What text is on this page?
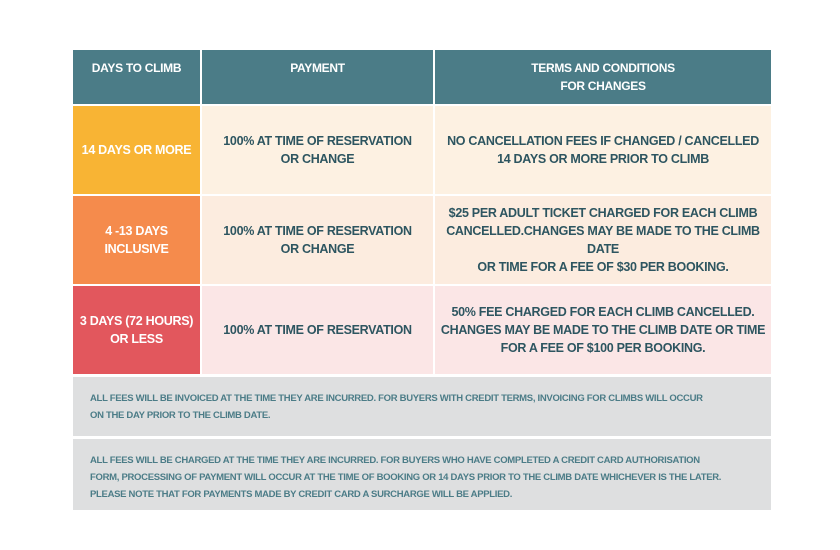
DAYS TO CLIMB	PAYMENT	TERMS AND CONDITIONS
FOR CHANGES
14 DAYS OR MORE
100% AT TIME OF RESERVATION
OR CHANGE
NO CANCELLATION FEES IF CHANGED / CANCELLED
14 DAYS OR MORE PRIOR TO CLIMB
4 -13 DAYS
INCLUSIVE
100% AT TIME OF RESERVATION
OR CHANGE
$25 PER ADULT TICKET CHARGED FOR EACH CLIMB
CANCELLED.CHANGES MAY BE MADE TO THE CLIMB DATE
OR TIME FOR A FEE OF $30 PER BOOKING.
3 DAYS (72 HOURS)
OR LESS
100% AT TIME OF RESERVATION
50% FEE CHARGED FOR EACH CLIMB CANCELLED.
CHANGES MAY BE MADE TO THE CLIMB DATE OR TIME
FOR A FEE OF $100 PER BOOKING.
ALL FEES WILL BE INVOICED AT THE TIME THEY ARE INCURRED. FOR BUYERS WITH CREDIT TERMS, INVOICING FOR CLIMBS WILL OCCUR
ON THE DAY PRIOR TO THE CLIMB DATE.
ALL FEES WILL BE CHARGED AT THE TIME THEY ARE INCURRED. FOR BUYERS WHO HAVE COMPLETED A CREDIT CARD AUTHORISATION
FORM, PROCESSING OF PAYMENT WILL OCCUR AT THE TIME OF BOOKING OR 14 DAYS PRIOR TO THE CLIMB DATE WHICHEVER IS THE LATER.
PLEASE NOTE THAT FOR PAYMENTS MADE BY CREDIT CARD A SURCHARGE WILL BE APPLIED.
